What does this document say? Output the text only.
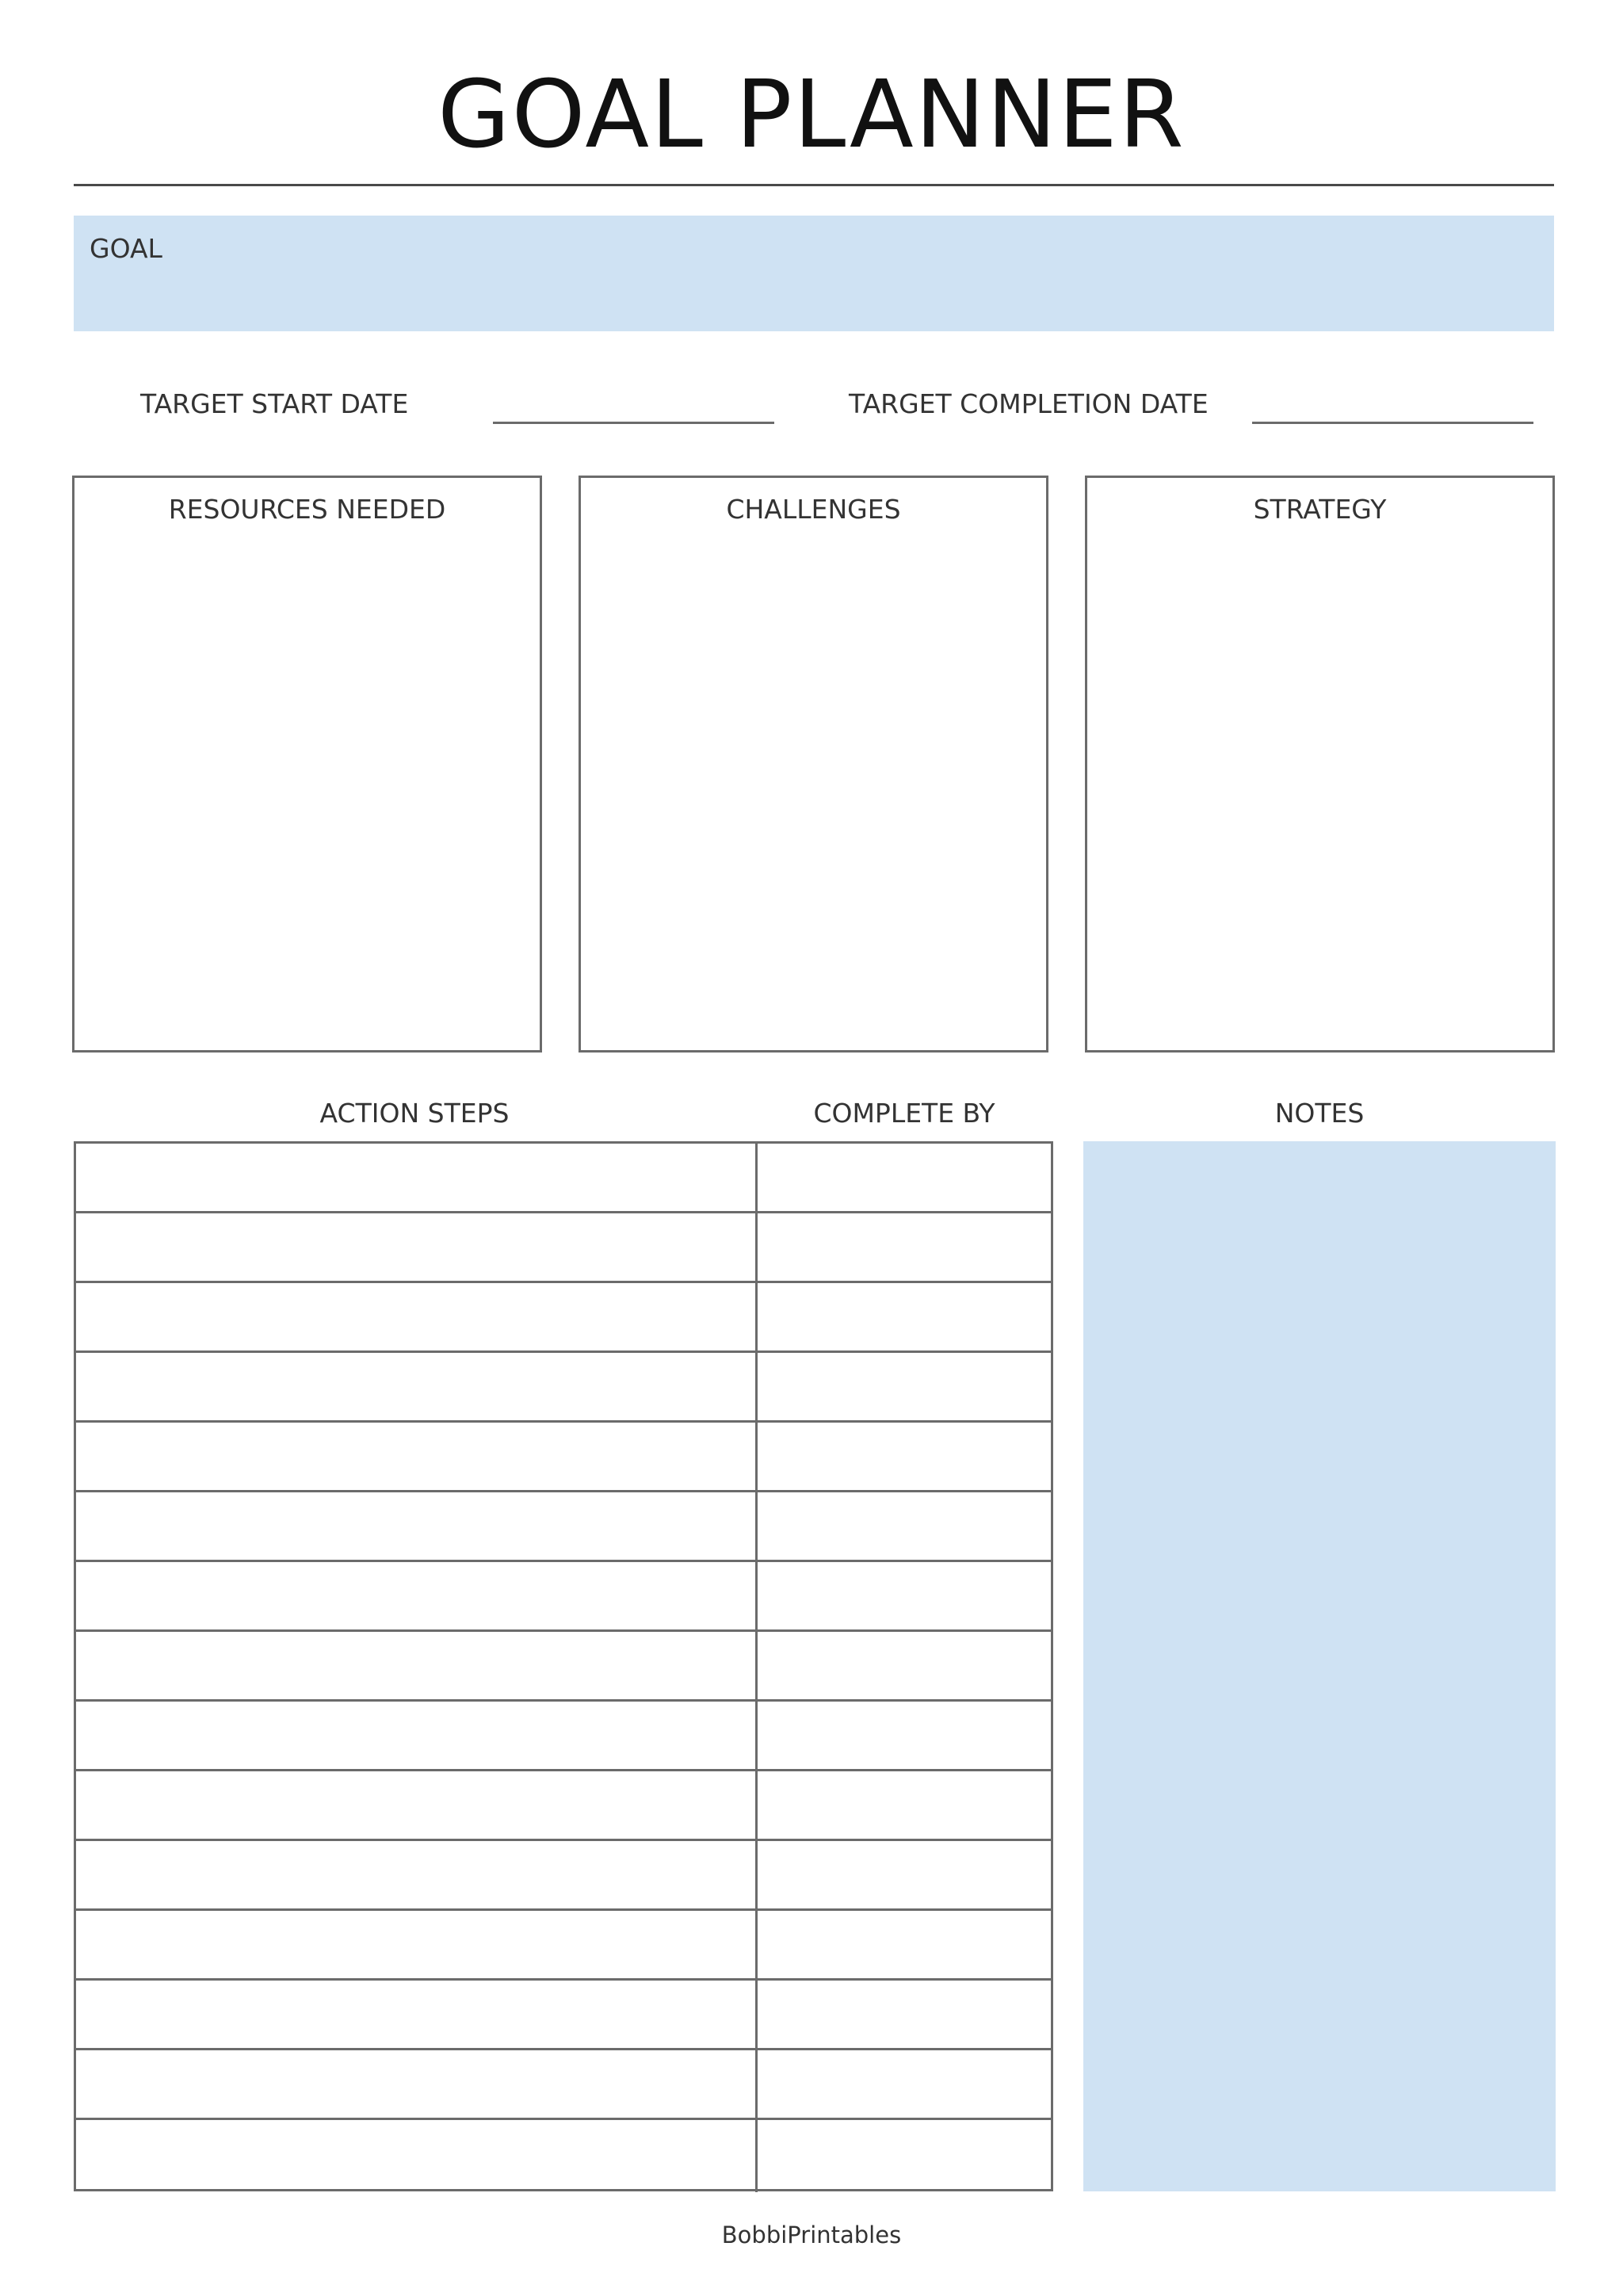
GOAL PLANNER
GOAL
TARGET START DATE	TARGET COMPLETION DATE
RESOURCES NEEDED	CHALLENGES	STRATEGY
ACTION STEPS	COMPLETE BY	NOTES
BobbiPrintables
